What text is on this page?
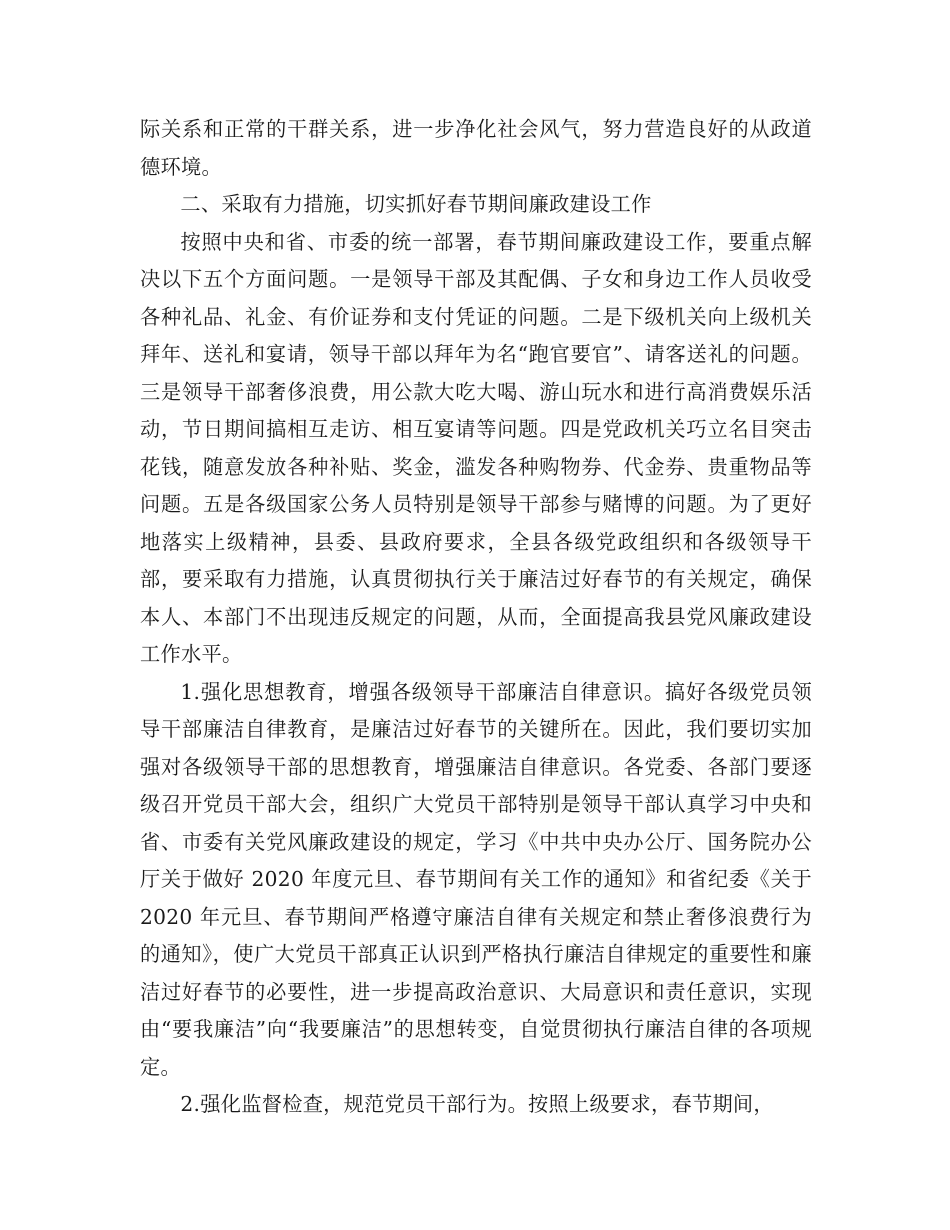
际关系和正常的干群关系，进一步净化社会风气，努力营造良好的从政道德环境。

二、采取有力措施，切实抓好春节期间廉政建设工作

按照中央和省、市委的统一部署，春节期间廉政建设工作，要重点解决以下五个方面问题。一是领导干部及其配偶、子女和身边工作人员收受各种礼品、礼金、有价证券和支付凭证的问题。二是下级机关向上级机关拜年、送礼和宴请，领导干部以拜年为名“跑官要官”、请客送礼的问题。三是领导干部奢侈浪费，用公款大吃大喝、游山玩水和进行高消费娱乐活动，节日期间搞相互走访、相互宴请等问题。四是党政机关巧立名目突击花钱，随意发放各种补贴、奖金，滥发各种购物券、代金券、贵重物品等问题。五是各级国家公务人员特别是领导干部参与赌博的问题。为了更好地落实上级精神，县委、县政府要求，全县各级党政组织和各级领导干部，要采取有力措施，认真贯彻执行关于廉洁过好春节的有关规定，确保本人、本部门不出现违反规定的问题，从而，全面提高我县党风廉政建设工作水平。

1.强化思想教育，增强各级领导干部廉洁自律意识。搞好各级党员领导干部廉洁自律教育，是廉洁过好春节的关键所在。因此，我们要切实加强对各级领导干部的思想教育，增强廉洁自律意识。各党委、各部门要逐级召开党员干部大会，组织广大党员干部特别是领导干部认真学习中央和省、市委有关党风廉政建设的规定，学习《中共中央办公厅、国务院办公厅关于做好 2020 年度元旦、春节期间有关工作的通知》和省纪委《关于 2020 年元旦、春节期间严格遵守廉洁自律有关规定和禁止奢侈浪费行为的通知》，使广大党员干部真正认识到严格执行廉洁自律规定的重要性和廉洁过好春节的必要性，进一步提高政治意识、大局意识和责任意识，实现由“要我廉洁”向“我要廉洁”的思想转变，自觉贯彻执行廉洁自律的各项规定。

2.强化监督检查，规范党员干部行为。按照上级要求，春节期间，
